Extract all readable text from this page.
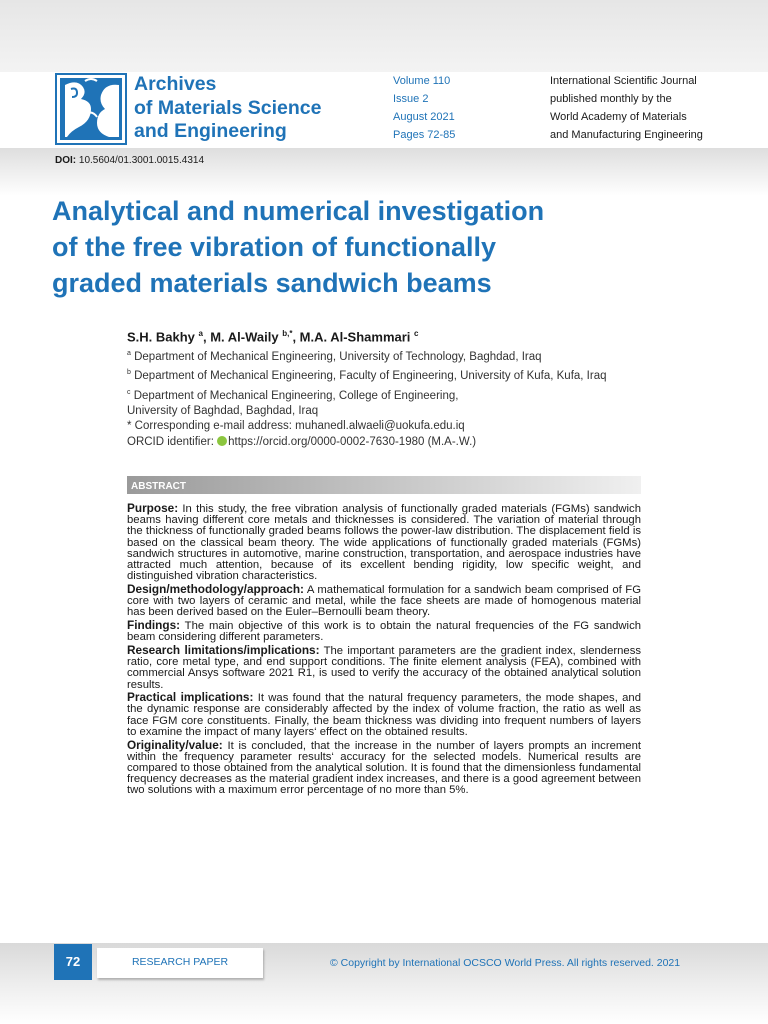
Archives
of Materials Science
and Engineering
Volume 110
Issue 2
August 2021
Pages 72-85
International Scientific Journal
published monthly by the
World Academy of Materials
and Manufacturing Engineering
DOI: 10.5604/01.3001.0015.4314
Analytical and numerical investigation
of the free vibration of functionally
graded materials sandwich beams
S.H. Bakhy $^a$, M. Al-Waily $^{b,*}$, M.A. Al-Shammari $^c$
$^a$ Department of Mechanical Engineering, University of Technology, Baghdad, Iraq
$^b$ Department of Mechanical Engineering, Faculty of Engineering, University of Kufa, Kufa, Iraq
$^c$ Department of Mechanical Engineering, College of Engineering,
University of Baghdad, Baghdad, Iraq
* Corresponding e-mail address: muhanedl.alwaeli@uokufa.edu.iq
ORCID identifier: https://orcid.org/0000-0002-7630-1980 (M.A-.W.)
ABSTRACT

Purpose: In this study, the free vibration analysis of functionally graded materials (FGMs) sandwich beams having different core metals and thicknesses is considered. The variation of material through the thickness of functionally graded beams follows the power-law distribution. The displacement field is based on the classical beam theory. The wide applications of functionally graded materials (FGMs) sandwich structures in automotive, marine construction, transportation, and aerospace industries have attracted much attention, because of its excellent bending rigidity, low specific weight, and distinguished vibration characteristics.

Design/methodology/approach: A mathematical formulation for a sandwich beam comprised of FG core with two layers of ceramic and metal, while the face sheets are made of homogenous material has been derived based on the Euler–Bernoulli beam theory.

Findings: The main objective of this work is to obtain the natural frequencies of the FG sandwich beam considering different parameters.

Research limitations/implications: The important parameters are the gradient index, slenderness ratio, core metal type, and end support conditions. The finite element analysis (FEA), combined with commercial Ansys software 2021 R1, is used to verify the accuracy of the obtained analytical solution results.

Practical implications: It was found that the natural frequency parameters, the mode shapes, and the dynamic response are considerably affected by the index of volume fraction, the ratio as well as face FGM core constituents. Finally, the beam thickness was dividing into frequent numbers of layers to examine the impact of many layers‘ effect on the obtained results.

Originality/value: It is concluded, that the increase in the number of layers prompts an increment within the frequency parameter results‘ accuracy for the selected models. Numerical results are compared to those obtained from the analytical solution. It is found that the dimensionless fundamental frequency decreases as the material gradient index increases, and there is a good agreement between two solutions with a maximum error percentage of no more than 5%.

72	RESEARCH PAPER	© Copyright by International OCSCO World Press. All rights reserved. 2021
